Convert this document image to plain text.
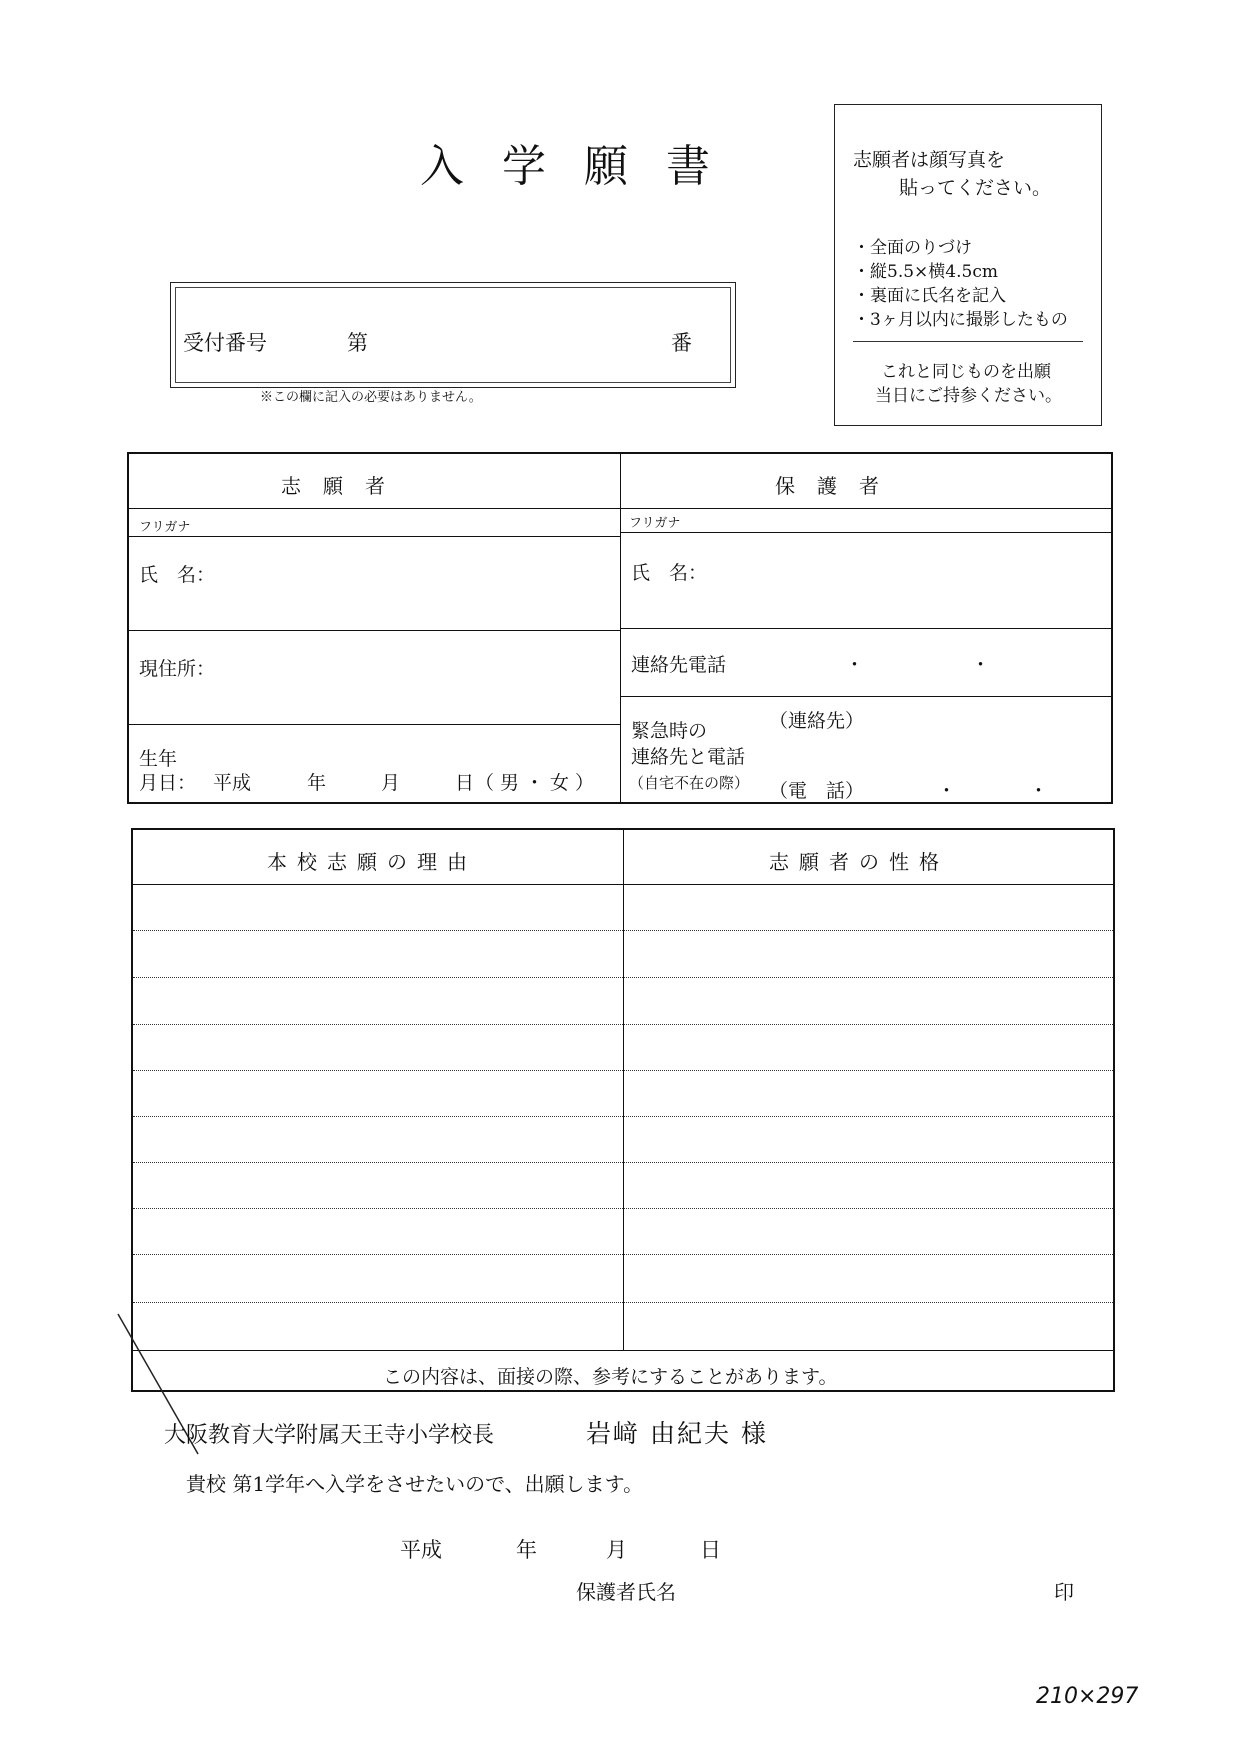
入学願書	志願者は顔写真を
貼ってください。
・全面のりづけ
・縦5.5×横4.5cm
・裏面に氏名を記入
・3ヶ月以内に撮影したもの
これと同じものを出願
当日にご持参ください。
受付番号	第	番
※この欄に記入の必要はありません。
志願者	保護者
フリガナ	フリガナ
氏　名：	氏　名：
現住所：	連絡先電話	・	・
生年
月日： 平成	年	月	日 （男・女）
緊急時の
連絡先と電話
（自宅不在の際）
（連絡先）
（電　話）	・	・
本校志願の理由	志願者の性格
この内容は、面接の際、参考にすることがあります。
大阪教育大学附属天王寺小学校長	岩﨑 由紀夫 様
貴校 第1学年へ入学をさせたいので、出願します。
平成	年	月	日
保護者氏名	印
210×297
